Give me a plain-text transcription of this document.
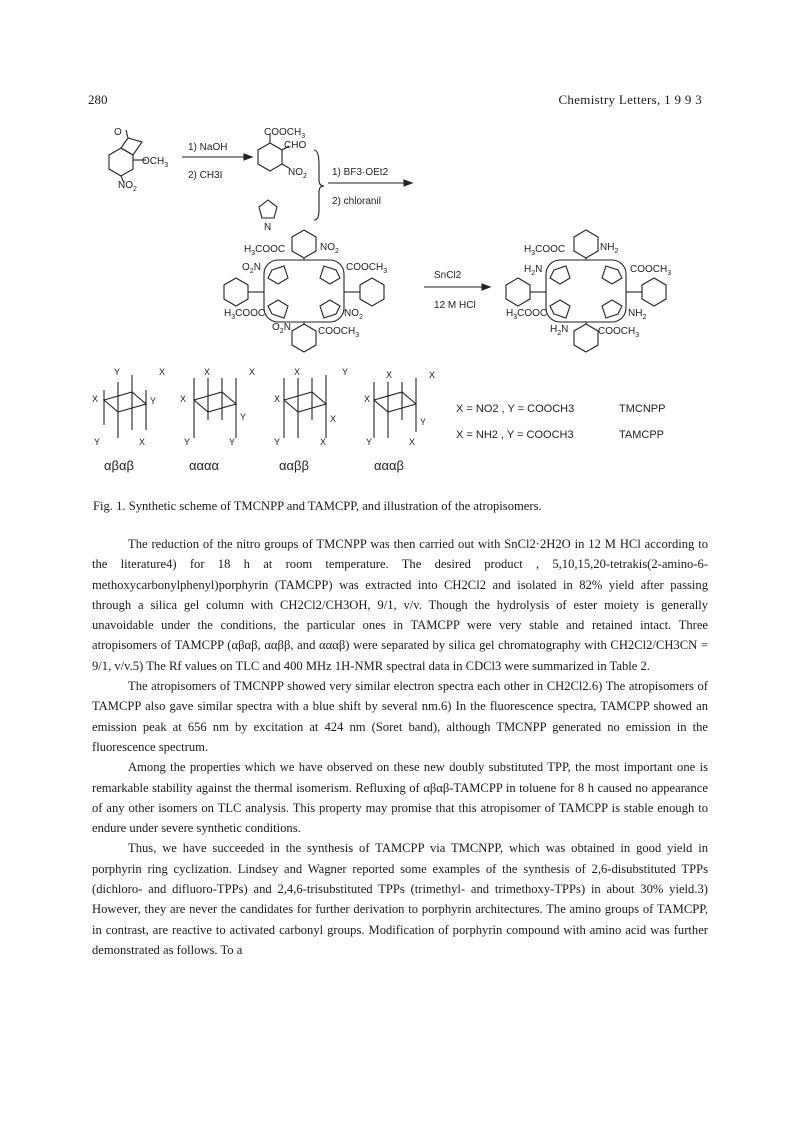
280	Chemistry Letters, 1 9 9 3
O
$OCH_3$
$NO_2$
$COOCH_3$
CHO
$NO_2$
N
1) NaOH
2) CH3I	1) BF3·OEt2
2) chloranil
SnCl2
12 M HCl
$H_3COOC$	$NO_2$
$O_2N$	$COOCH_3$
$H_3COOC$	$NO_2$
$O_2N$	$COOCH_3$
$H_3COOC$	$NH_2$
$H_2N$	$COOCH_3$
$H_3COOC$	$NH_2$
$H_2N$	$COOCH_3$
Y	X
X	Y
Y	X
X	X
X
Y
Y	Y
X	Y
X
X
Y	X
X	X
X
Y
Y	X
αβαβ	αααα	ααββ	αααβ
X = NO2 , Y = COOCH3	TMCNPP
X = NH2 , Y = COOCH3	TAMCPP
Fig. 1. Synthetic scheme of TMCNPP and TAMCPP, and illustration of the atropisomers.

The reduction of the nitro groups of TMCNPP was then carried out with SnCl2·2H2O in 12 M HCl according to the literature4) for 18 h at room temperature. The desired product , 5,10,15,20-tetrakis(2-amino-6-methoxycarbonylphenyl)porphyrin (TAMCPP) was extracted into CH2Cl2 and isolated in 82% yield after passing through a silica gel column with CH2Cl2/CH3OH, 9/1, v/v. Though the hydrolysis of ester moiety is generally unavoidable under the conditions, the particular ones in TAMCPP were very stable and retained intact. Three atropisomers of TAMCPP (αβαβ, ααββ, and αααβ) were separated by silica gel chromatography with CH2Cl2/CH3CN = 9/1, v/v.5) The Rf values on TLC and 400 MHz 1H-NMR spectral data in CDCl3 were summarized in Table 2.

The atropisomers of TMCNPP showed very similar electron spectra each other in CH2Cl2.6) The atropisomers of TAMCPP also gave similar spectra with a blue shift by several nm.6) In the fluorescence spectra, TAMCPP showed an emission peak at 656 nm by excitation at 424 nm (Soret band), although TMCNPP generated no emission in the fluorescence spectrum.

Among the properties which we have observed on these new doubly substituted TPP, the most important one is remarkable stability against the thermal isomerism. Refluxing of αβαβ-TAMCPP in toluene for 8 h caused no appearance of any other isomers on TLC analysis. This property may promise that this atropisomer of TAMCPP is stable enough to endure under severe synthetic conditions.

Thus, we have succeeded in the synthesis of TAMCPP via TMCNPP, which was obtained in good yield in porphyrin ring cyclization. Lindsey and Wagner reported some examples of the synthesis of 2,6-disubstituted TPPs (dichloro- and difluoro-TPPs) and 2,4,6-trisubstituted TPPs (trimethyl- and trimethoxy-TPPs) in about 30% yield.3) However, they are never the candidates for further derivation to porphyrin architectures. The amino groups of TAMCPP, in contrast, are reactive to activated carbonyl groups. Modification of porphyrin compound with amino acid was further demonstrated as follows. To a
